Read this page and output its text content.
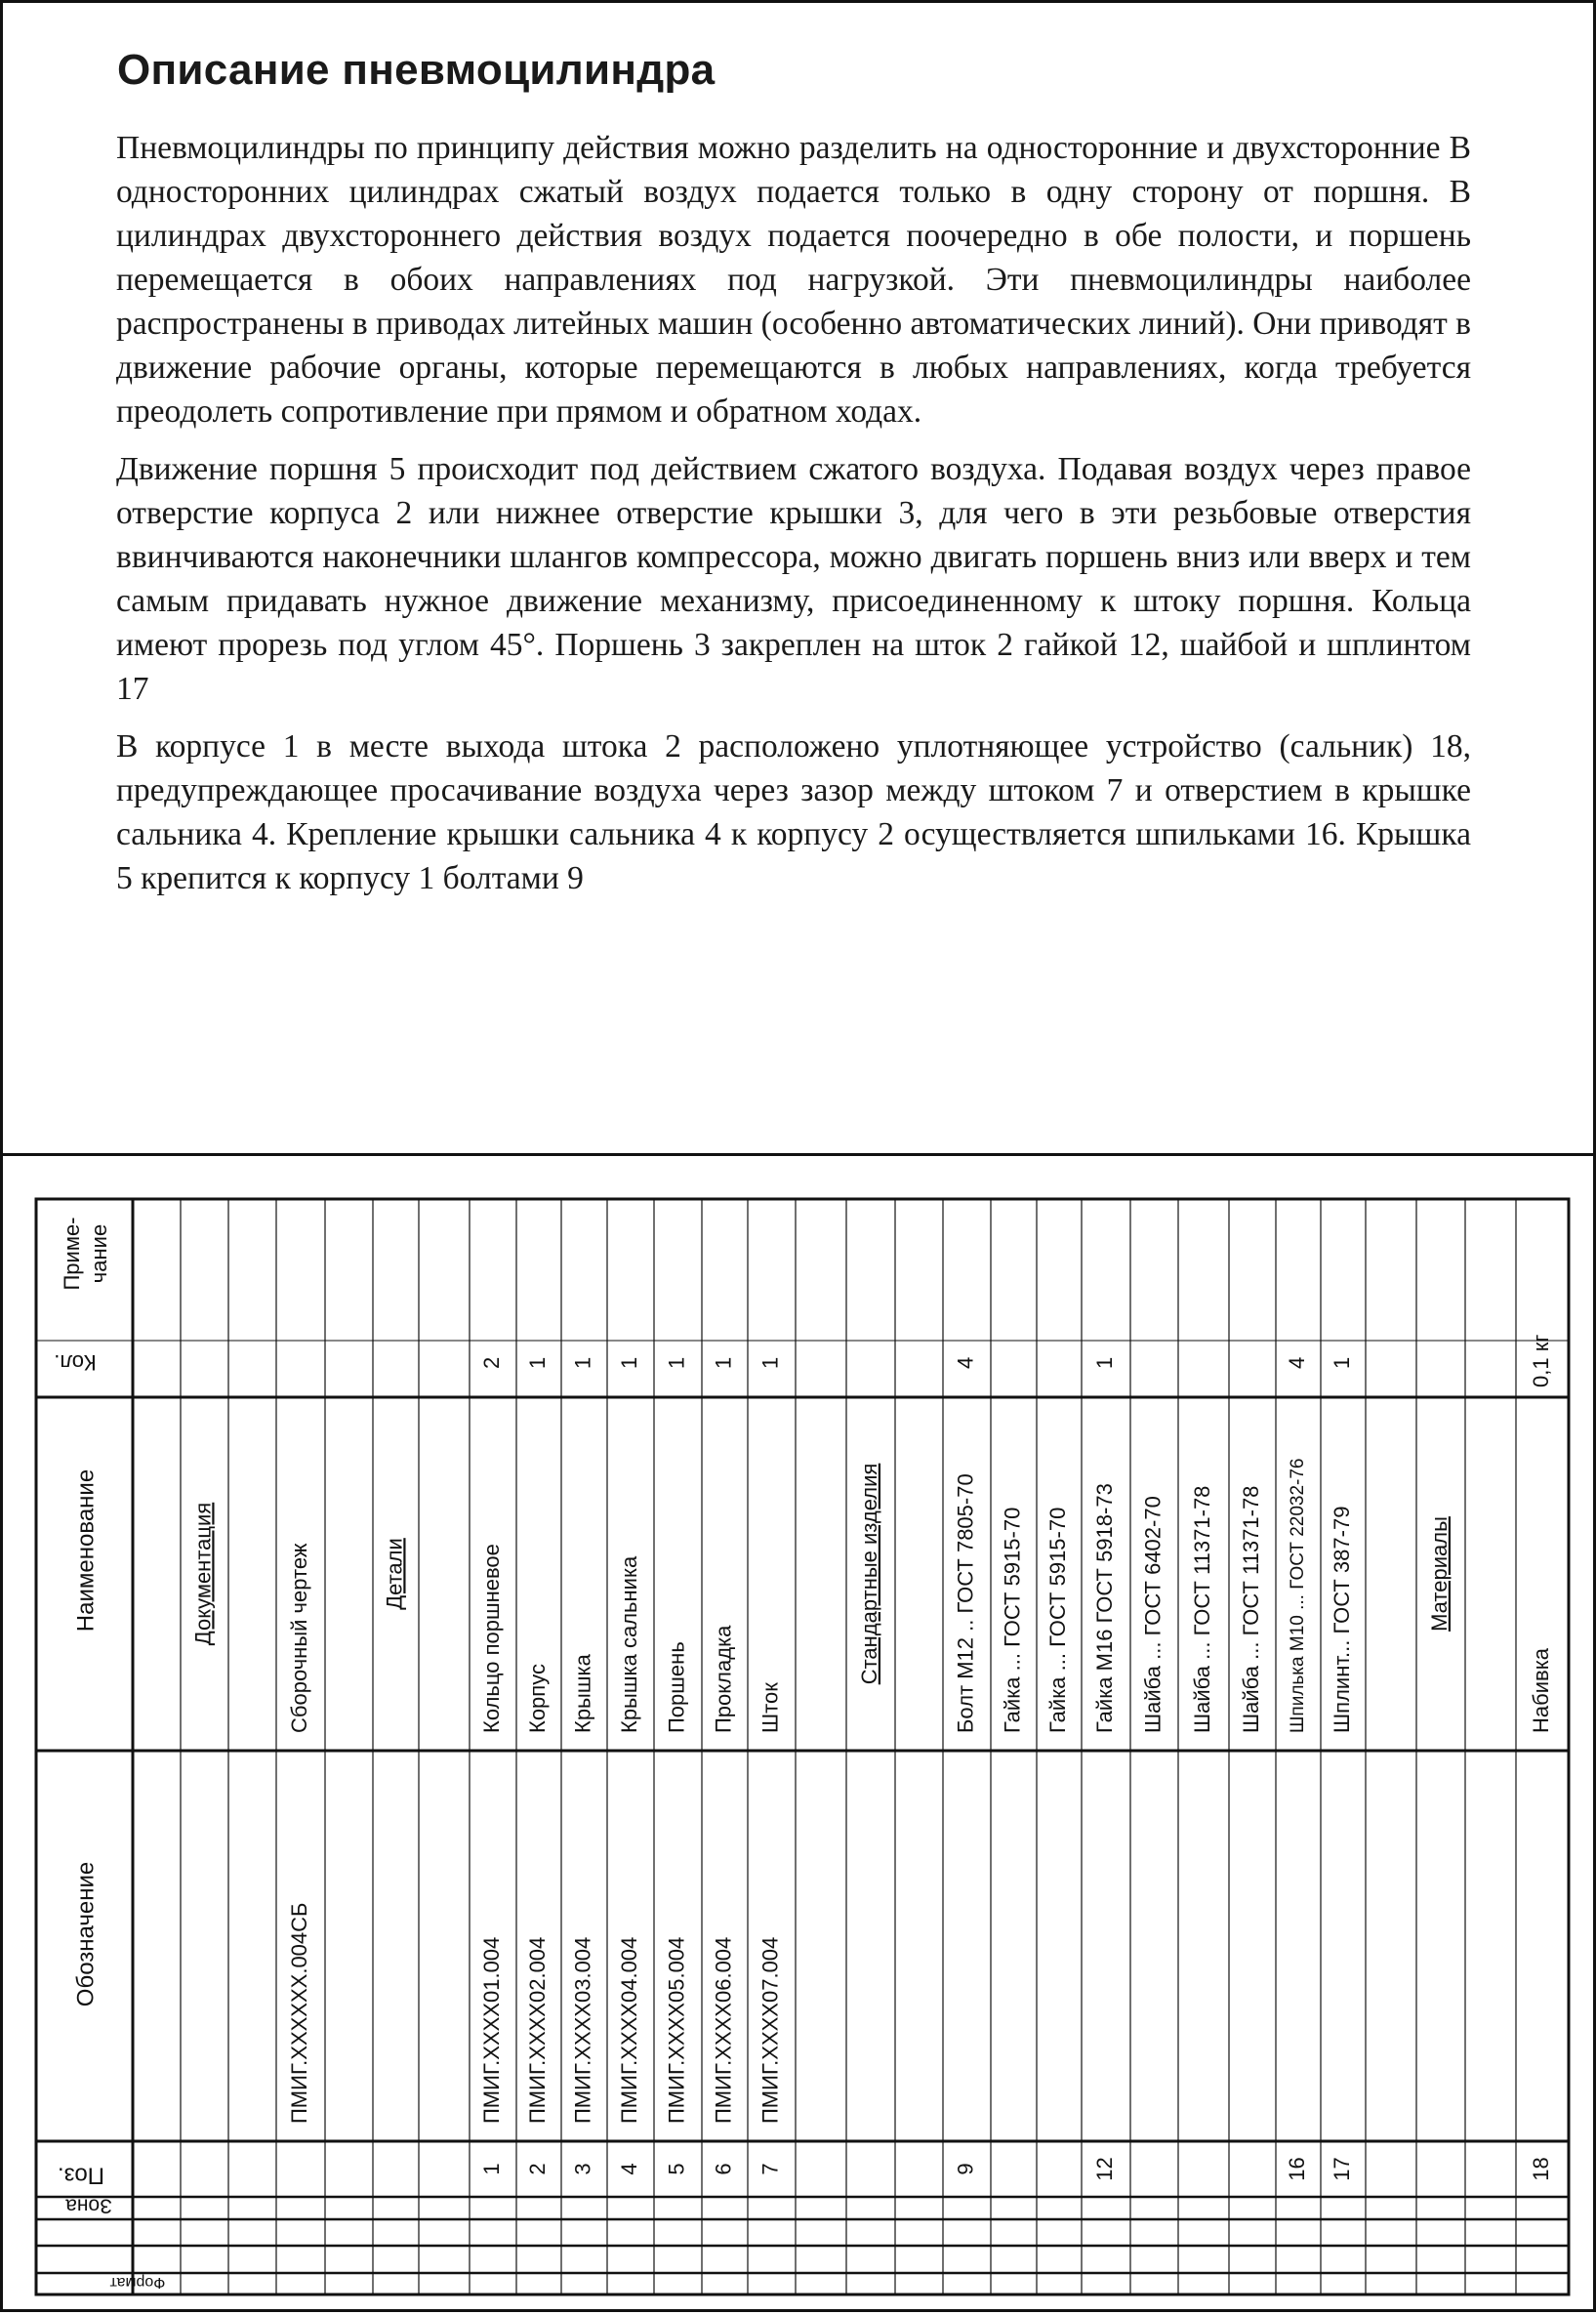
Описание пневмоцилиндра

Пневмоцилиндры по принципу действия можно разделить на односторонние и двухсторонние В односторонних цилиндрах сжатый воздух подается только в одну сторону от поршня. В цилиндрах двухстороннего действия воздух подается поочередно в обе полости, и поршень перемещается в обоих направлениях под нагрузкой. Эти пневмоцилиндры наиболее распространены в приводах литейных машин (особенно автоматических линий). Они приводят в движение рабочие органы, которые перемещаются в любых направлениях, когда требуется преодолеть сопротивление при прямом и обратном ходах.

Движение поршня 5 происходит под действием сжатого воздуха. Подавая воздух через правое отверстие корпуса 2 или нижнее отверстие крышки 3, для чего в эти резьбовые отверстия ввинчиваются наконечники шлангов компрессора, можно двигать поршень вниз или вверх и тем самым придавать нужное движение механизму, присоединенному к штоку поршня. Кольца имеют прорезь под углом 45°. Поршень 3 закреплен на шток 2 гайкой 12, шайбой и шплинтом 17

В корпусе 1 в месте выхода штока 2 расположено уплотняющее устройство (сальник) 18, предупреждающее просачивание воздуха через зазор между штоком 7 и отверстием в крышке сальника 4. Крепление крышки сальника 4 к корпусу 2 осуществляется шпильками 16. Крышка 5 крепится к корпусу 1 болтами 9

Формат
Зона
Поз.
Обозначение
Наименование
Кол.
Приме- чание
Документация
ПМИГ.ХХХХХХ.004СБ
Сборочный чертеж	Детали
1
ПМИГ.ХХХХ01.004
Кольцо поршневое
2
2
ПМИГ.ХХХХ02.004
Корпус
1
3
ПМИГ.ХХХХ03.004
Крышка
1
4
ПМИГ.ХХХХ04.004
Крышка сальника
1
5
ПМИГ.ХХХХ05.004
Поршень
1
6
ПМИГ.ХХХХ06.004
Прокладка
1
7
ПМИГ.ХХХХ07.004
Шток
1
Стандартные изделия
9
Болт М12 .. ГОСТ 7805-70
4
Гайка ... ГОСТ 5915-70 Гайка ... ГОСТ 5915-70
12
Гайка М16 ГОСТ 5918-73
1
Шайба ... ГОСТ 6402-70 Шайба ... ГОСТ 11371-78 Шайба ... ГОСТ 11371-78
16
Шпилька М10 ... ГОСТ 22032-76
4
17
Шплинт... ГОСТ 387-79
1
Материалы
18
Набивка
0,1 кг
